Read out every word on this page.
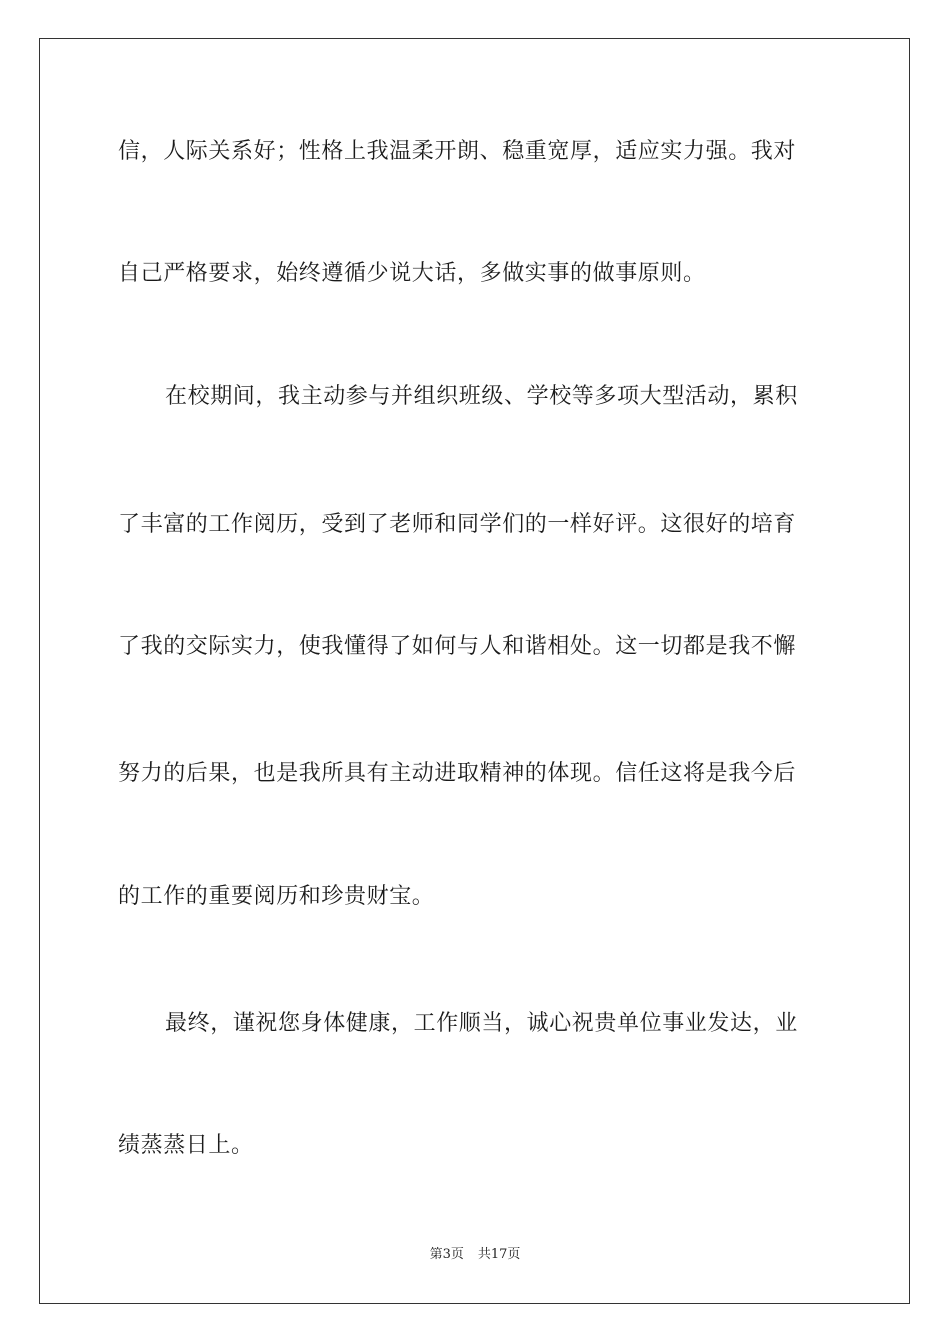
信，人际关系好；性格上我温柔开朗、稳重宽厚，适应实力强。我对
自己严格要求，始终遵循少说大话，多做实事的做事原则。
在校期间，我主动参与并组织班级、学校等多项大型活动，累积
了丰富的工作阅历，受到了老师和同学们的一样好评。这很好的培育
了我的交际实力，使我懂得了如何与人和谐相处。这一切都是我不懈
努力的后果，也是我所具有主动进取精神的体现。信任这将是我今后
的工作的重要阅历和珍贵财宝。
最终，谨祝您身体健康，工作顺当，诚心祝贵单位事业发达，业
绩蒸蒸日上。
第3页 共17页
